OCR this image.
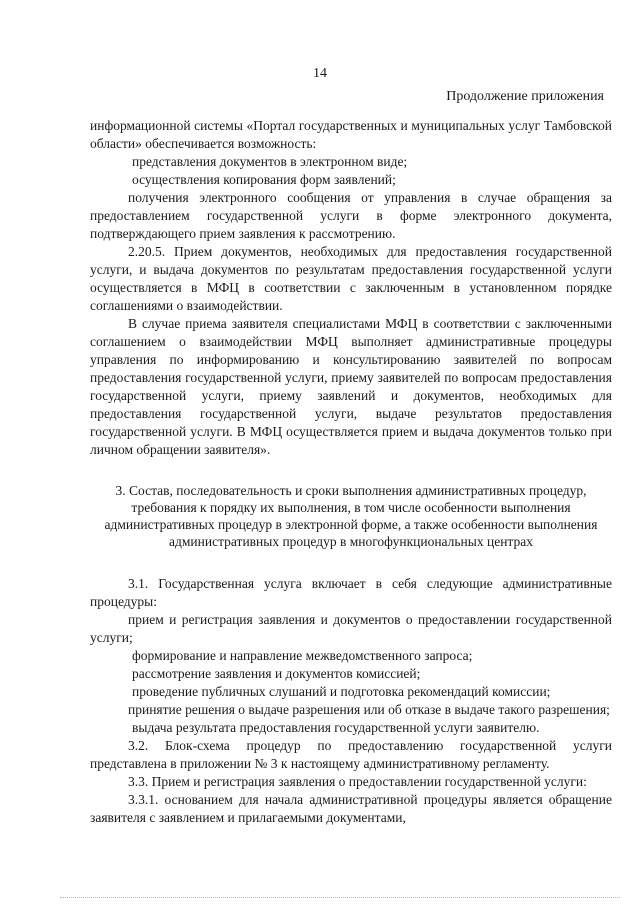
14
Продолжение приложения

информационной системы «Портал государственных и муниципальных услуг Тамбовской области» обеспечивается возможность:

представления документов в электронном виде;

осуществления копирования форм заявлений;

получения электронного сообщения от управления в случае обращения за предоставлением государственной услуги в форме электронного документа, подтверждающего прием заявления к рассмотрению.

2.20.5. Прием документов, необходимых для предоставления государственной услуги, и выдача документов по результатам предоставления государственной услуги осуществляется в МФЦ в соответствии с заключенным в установленном порядке соглашениями о взаимодействии.

В случае приема заявителя специалистами МФЦ в соответствии с заключенными соглашением о взаимодействии МФЦ выполняет административные процедуры управления по информированию и консультированию заявителей по вопросам предоставления государственной услуги, приему заявителей по вопросам предоставления государственной услуги, приему заявлений и документов, необходимых для предоставления государственной услуги, выдаче результатов предоставления государственной услуги. В МФЦ осуществляется прием и выдача документов только при личном обращении заявителя».

3. Состав, последовательность и сроки выполнения административных процедур, требования к порядку их выполнения, в том числе особенности выполнения административных процедур в электронной форме, а также особенности выполнения административных процедур в многофункциональных центрах

3.1. Государственная услуга включает в себя следующие административные процедуры:

прием и регистрация заявления и документов о предоставлении государственной услуги;

формирование и направление межведомственного запроса;

рассмотрение заявления и документов комиссией;

проведение публичных слушаний и подготовка рекомендаций комиссии;

принятие решения о выдаче разрешения или об отказе в выдаче такого разрешения;

выдача результата предоставления государственной услуги заявителю.

3.2. Блок-схема процедур по предоставлению государственной услуги представлена в приложении № 3 к настоящему административному регламенту.

3.3. Прием и регистрация заявления о предоставлении государственной услуги:

3.3.1. основанием для начала административной процедуры является обращение заявителя с заявлением и прилагаемыми документами,
